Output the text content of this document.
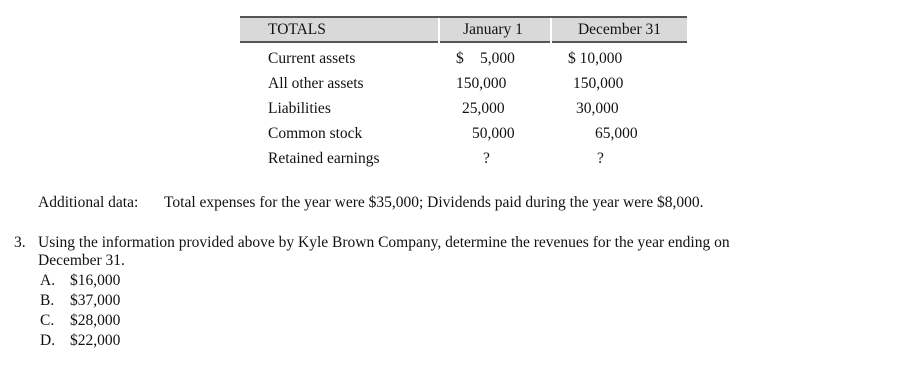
TOTALS	January 1	December 31
Current assets	$ 5,000	$ 10,000
All other assets	150,000	150,000
Liabilities	25,000	30,000
Common stock	50,000	65,000
Retained earnings	?	?
Additional data: Total expenses for the year were $35,000; Dividends paid during the year were $8,000.
3. Using the information provided above by Kyle Brown Company, determine the revenues for the year ending on
December 31.
A. $16,000
B. $37,000
C. $28,000
D. $22,000
